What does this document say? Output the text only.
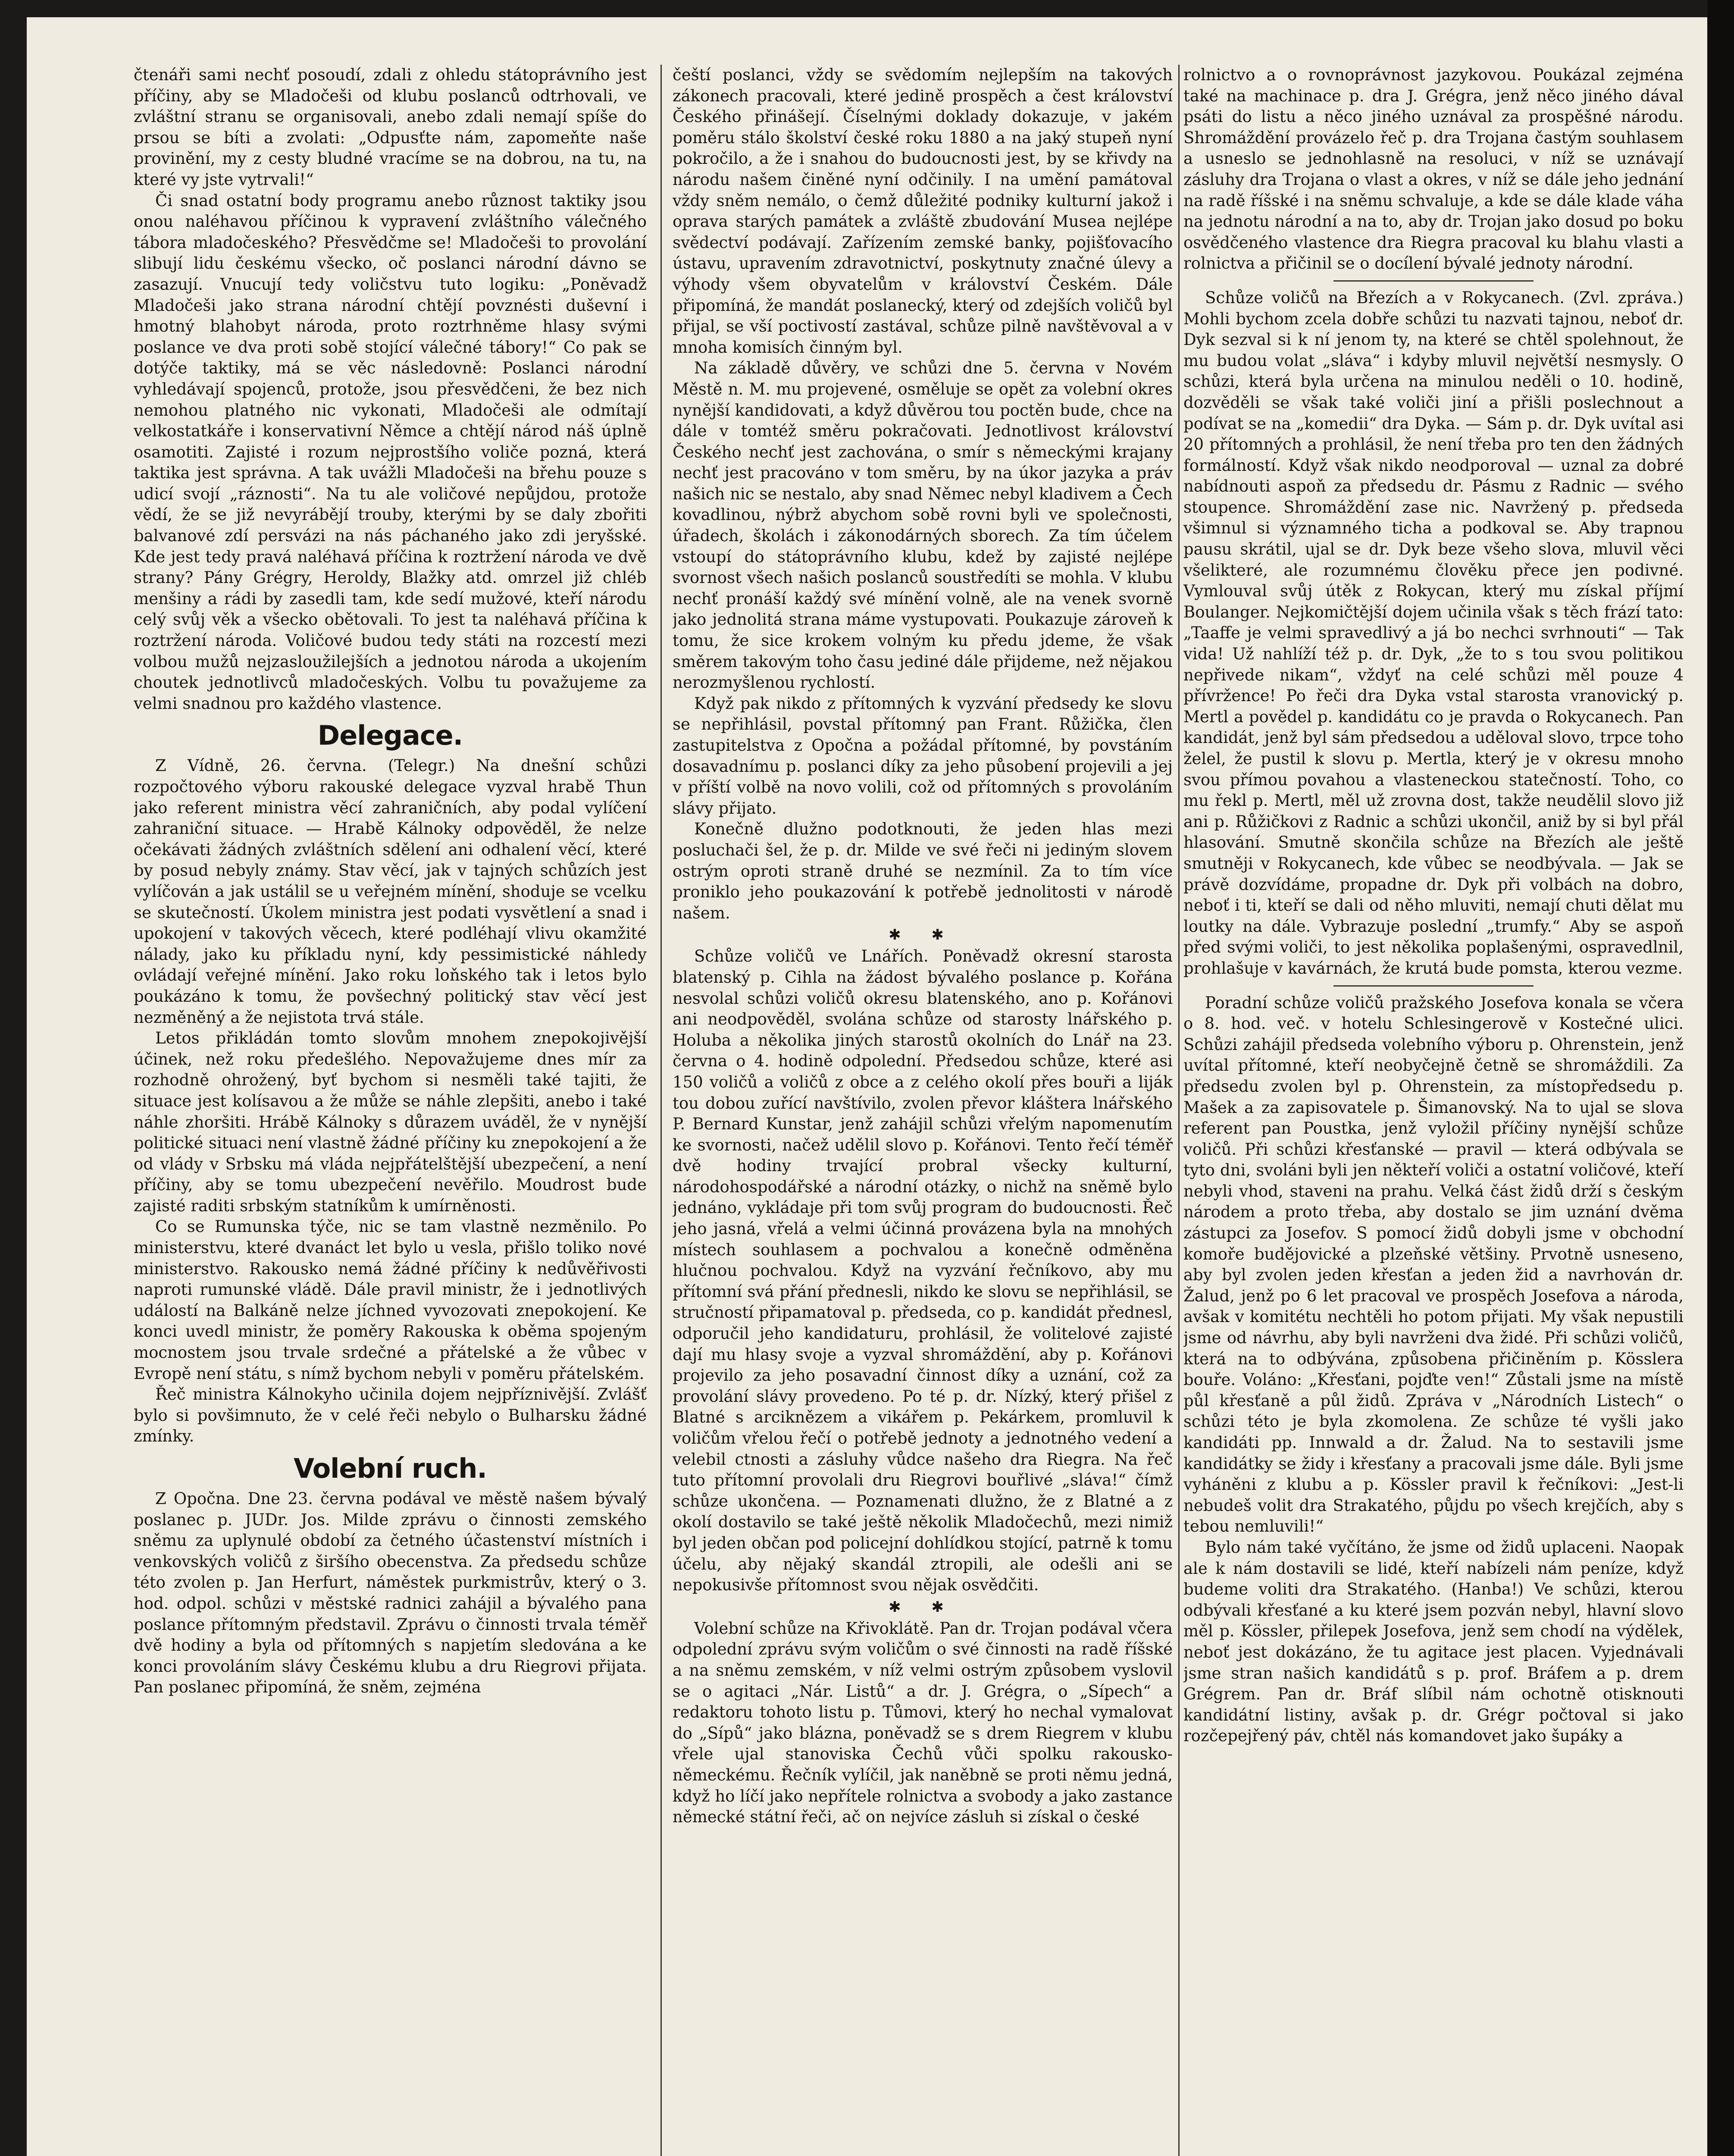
čtenáři sami nechť posoudí, zdali z ohledu státoprávního jest příčiny, aby se Mladočeši od klubu poslanců odtrhovali, ve zvláštní stranu se organisovali, anebo zdali nemají spíše do prsou se bíti a zvolati: „Odpusťte nám, zapomeňte naše provinění, my z cesty bludné vracíme se na dobrou, na tu, na které vy jste vytrvali!“

Či snad ostatní body programu anebo různost taktiky jsou onou naléhavou příčinou k vypravení zvláštního válečného tábora mladočeského? Přesvědčme se! Mladočeši to provolání slibují lidu českému všecko, oč poslanci národní dávno se zasazují. Vnucují tedy voličstvu tuto logiku: „Poněvadž Mladočeši jako strana národní chtějí povznésti duševní i hmotný blahobyt národa, proto roztrhněme hlasy svými poslance ve dva proti sobě stojící válečné tábory!“ Co pak se dotýče taktiky, má se věc následovně: Poslanci národní vyhledávají spojenců, protože, jsou přesvědčeni, že bez nich nemohou platného nic vykonati, Mladočeši ale odmítají velkostatkáře i konservativní Němce a chtějí národ náš úplně osamotiti. Zajisté i rozum nejprostšího voliče pozná, která taktika jest správna. A tak uvážli Mladočeši na břehu pouze s udicí svojí „ráznosti“. Na tu ale voličové nepůjdou, protože vědí, že se již nevyrábějí trouby, kterými by se daly zbořiti balvanové zdí persvázi na nás páchaného jako zdi jeryšské. Kde jest tedy pravá naléhavá příčina k roztržení národa ve dvě strany? Pány Grégry, Heroldy, Blažky atd. omrzel již chléb menšiny a rádi by zasedli tam, kde sedí mužové, kteří národu celý svůj věk a všecko obětovali. To jest ta naléhavá příčina k roztržení národa. Voličové budou tedy státi na rozcestí mezi volbou mužů nejzasloužilejších a jednotou národa a ukojením choutek jednotlivců mladočeských. Volbu tu považujeme za velmi snadnou pro každého vlastence.

Delegace.

Z Vídně, 26. června. (Telegr.) Na dnešní schůzi rozpočtového výboru rakouské delegace vyzval hrabě Thun jako referent ministra věcí zahraničních, aby podal vylíčení zahraniční situace. — Hrabě Kálnoky odpověděl, že nelze očekávati žádných zvláštních sdělení ani odhalení věcí, které by posud nebyly známy. Stav věcí, jak v tajných schůzích jest vylíčován a jak ustálil se u veřejném mínění, shoduje se vcelku se skutečností. Úkolem ministra jest podati vysvětlení a snad i upokojení v takových věcech, které podléhají vlivu okamžité nálady, jako ku příkladu nyní, kdy pessimistické náhledy ovládají veřejné mínění. Jako roku loňského tak i letos bylo poukázáno k tomu, že povšechný politický stav věcí jest nezměněný a že nejistota trvá stále.

Letos přikládán tomto slovům mnohem znepokojivější účinek, než roku předešlého. Nepovažujeme dnes mír za rozhodně ohrožený, byť bychom si nesměli také tajiti, že situace jest kolísavou a že může se náhle zlepšiti, anebo i také náhle zhoršiti. Hrábě Kálnoky s důrazem uváděl, že v nynější politické situaci není vlastně žádné příčiny ku znepokojení a že od vlády v Srbsku má vláda nejpřátelštější ubezpečení, a není příčiny, aby se tomu ubezpečení nevěřilo. Moudrost bude zajisté raditi srbským statníkům k umírněnosti.

Co se Rumunska týče, nic se tam vlastně nezměnilo. Po ministerstvu, které dvanáct let bylo u vesla, přišlo toliko nové ministerstvo. Rakousko nemá žádné příčiny k nedůvěřivosti naproti rumunské vládě. Dále pravil ministr, že i jednotlivých událostí na Balkáně nelze jíchned vyvozovati znepokojení. Ke konci uvedl ministr, že poměry Rakouska k oběma spojeným mocnostem jsou trvale srdečné a přátelské a že vůbec v Evropě není státu, s nímž bychom nebyli v poměru přátelském.

Řeč ministra Kálnokyho učinila dojem nejpříznivější. Zvlášť bylo si povšimnuto, že v celé řeči nebylo o Bulharsku žádné zmínky.

Volební ruch.

Z Opočna. Dne 23. června podával ve městě našem bývalý poslanec p. JUDr. Jos. Milde zprávu o činnosti zemského sněmu za uplynulé období za četného účastenství místních i venkovských voličů z širšího obecenstva. Za předsedu schůze této zvolen p. Jan Herfurt, náměstek purkmistrův, který o 3. hod. odpol. schůzi v městské radnici zahájil a bývalého pana poslance přítomným představil. Zprávu o činnosti trvala téměř dvě hodiny a byla od přítomných s napjetím sledována a ke konci provoláním slávy Českému klubu a dru Riegrovi přijata. Pan poslanec připomíná, že sněm, zejména

čeští poslanci, vždy se svědomím nejlepším na takových zákonech pracovali, které jedině prospěch a čest království Českého přinášejí. Číselnými doklady dokazuje, v jakém poměru stálo školství české roku 1880 a na jaký stupeň nyní pokročilo, a že i snahou do budoucnosti jest, by se křivdy na národu našem činěné nyní odčinily. I na umění památoval vždy sněm nemálo, o čemž důležité podniky kulturní jakož i oprava starých památek a zvláště zbudování Musea nejlépe svědectví podávají. Zařízením zemské banky, pojišťovacího ústavu, upravením zdravotnictví, poskytnuty značné úlevy a výhody všem obyvatelům v království Českém. Dále připomíná, že mandát poslanecký, který od zdejších voličů byl přijal, se vší poctivostí zastával, schůze pilně navštěvoval a v mnoha komisích činným byl.

Na základě důvěry, ve schůzi dne 5. června v Novém Městě n. M. mu projevené, osměluje se opět za volební okres nynější kandidovati, a když důvěrou tou poctěn bude, chce na dále v tomtéž směru pokračovati. Jednotlivost království Českého nechť jest zachována, o smír s německými krajany nechť jest pracováno v tom směru, by na úkor jazyka a práv našich nic se nestalo, aby snad Němec nebyl kladivem a Čech kovadlinou, nýbrž abychom sobě rovni byli ve společnosti, úřadech, školách i zákonodárných sborech. Za tím účelem vstoupí do státoprávního klubu, kdež by zajisté nejlépe svornost všech našich poslanců soustředíti se mohla. V klubu nechť pronáší každý své mínění volně, ale na venek svorně jako jednolitá strana máme vystupovati. Poukazuje zároveň k tomu, že sice krokem volným ku předu jdeme, že však směrem takovým toho času jediné dále přijdeme, než nějakou nerozmyšlenou rychlostí.

Když pak nikdo z přítomných k vyzvání předsedy ke slovu se nepřihlásil, povstal přítomný pan Frant. Růžička, člen zastupitelstva z Opočna a požádal přítomné, by povstáním dosavadnímu p. poslanci díky za jeho působení projevili a jej v příští volbě na novo volili, což od přítomných s provoláním slávy přijato.

Konečně dlužno podotknouti, že jeden hlas mezi posluchači šel, že p. dr. Milde ve své řeči ni jediným slovem ostrým oproti straně druhé se nezmínil. Za to tím více proniklo jeho poukazování k potřebě jednolitosti v národě našem.

✱ ✱

Schůze voličů ve Lnářích. Poněvadž okresní starosta blatenský p. Cihla na žádost bývalého poslance p. Kořána nesvolal schůzi voličů okresu blatenského, ano p. Kořánovi ani neodpověděl, svolána schůze od starosty lnářského p. Holuba a několika jiných starostů okolních do Lnář na 23. června o 4. hodině odpolední. Předsedou schůze, které asi 150 voličů a voličů z obce a z celého okolí přes bouři a liják tou dobou zuřící navštívilo, zvolen převor kláštera lnářského P. Bernard Kunstar, jenž zahájil schůzi vřelým napomenutím ke svornosti, načež udělil slovo p. Kořánovi. Tento řečí téměř dvě hodiny trvající probral všecky kulturní, národohospodářské a národní otázky, o nichž na sněmě bylo jednáno, vykládaje při tom svůj program do budoucnosti. Řeč jeho jasná, vřelá a velmi účinná provázena byla na mnohých místech souhlasem a pochvalou a konečně odměněna hlučnou pochvalou. Když na vyzvání řečníkovo, aby mu přítomní svá přání přednesli, nikdo ke slovu se nepřihlásil, se stručností připamatoval p. předseda, co p. kandidát přednesl, odporučil jeho kandidaturu, prohlásil, že volitelové zajisté dají mu hlasy svoje a vyzval shromáždění, aby p. Kořánovi projevilo za jeho posavadní činnost díky a uznání, což za provolání slávy provedeno. Po té p. dr. Nízký, který přišel z Blatné s arciknězem a vikářem p. Pekárkem, promluvil k voličům vřelou řečí o potřebě jednoty a jednotného vedení a velebil ctnosti a zásluhy vůdce našeho dra Riegra. Na řeč tuto přítomní provolali dru Riegrovi bouřlivé „sláva!“ čímž schůze ukončena. — Poznamenati dlužno, že z Blatné a z okolí dostavilo se také ještě několik Mladočechů, mezi nimiž byl jeden občan pod policejní dohlídkou stojící, patrně k tomu účelu, aby nějaký skandál ztropili, ale odešli ani se nepokusivše přítomnost svou nějak osvědčiti.

✱ ✱

Volební schůze na Křivoklátě. Pan dr. Trojan podával včera odpolední zprávu svým voličům o své činnosti na radě říšské a na sněmu zemském, v níž velmi ostrým způsobem vyslovil se o agitaci „Nár. Listů“ a dr. J. Grégra, o „Sípech“ a redaktoru tohoto listu p. Tůmovi, který ho nechal vymalovat do „Sípů“ jako blázna, poněvadž se s drem Riegrem v klubu vřele ujal stanoviska Čechů vůči spolku rakousko-německému. Řečník vylíčil, jak naněbně se proti němu jedná, když ho líčí jako nepřítele rolnictva a svobody a jako zastance německé státní řeči, ač on nejvíce zásluh si získal o české

rolnictvo a o rovnoprávnost jazykovou. Poukázal zejména také na machinace p. dra J. Grégra, jenž něco jiného dával psáti do listu a něco jiného uznával za prospěšné národu. Shromáždění provázelo řeč p. dra Trojana častým souhlasem a usneslo se jednohlasně na resoluci, v níž se uznávají zásluhy dra Trojana o vlast a okres, v níž se dále jeho jednání na radě říšské i na sněmu schvaluje, a kde se dále klade váha na jednotu národní a na to, aby dr. Trojan jako dosud po boku osvědčeného vlastence dra Riegra pracoval ku blahu vlasti a rolnictva a přičinil se o docílení bývalé jednoty národní.

Schůze voličů na Březích a v Rokycanech. (Zvl. zpráva.) Mohli bychom zcela dobře schůzi tu nazvati tajnou, neboť dr. Dyk sezval si k ní jenom ty, na které se chtěl spolehnout, že mu budou volat „sláva“ i kdyby mluvil největší nesmysly. O schůzi, která byla určena na minulou neděli o 10. hodině, dozvěděli se však také voliči jiní a přišli poslechnout a podívat se na „komedii“ dra Dyka. — Sám p. dr. Dyk uvítal asi 20 přítomných a prohlásil, že není třeba pro ten den žádných formálností. Když však nikdo neodporoval — uznal za dobré nabídnouti aspoň za předsedu dr. Pásmu z Radnic — svého stoupence. Shromáždění zase nic. Navržený p. předseda všimnul si významného ticha a podkoval se. Aby trapnou pausu skrátil, ujal se dr. Dyk beze všeho slova, mluvil věci všelikteré, ale rozumnému člověku přece jen podivné. Vymlouval svůj útěk z Rokycan, který mu získal příjmí Boulanger. Nejkomičtější dojem učinila však s těch frází tato: „Taaffe je velmi spravedlivý a já bo nechci svrhnouti“ — Tak vida! Už nahlíží též p. dr. Dyk, „že to s tou svou politikou nepřivede nikam“, vždyť na celé schůzi měl pouze 4 přívržence! Po řeči dra Dyka vstal starosta vranovický p. Mertl a povědel p. kandidátu co je pravda o Rokycanech. Pan kandidát, jenž byl sám předsedou a uděloval slovo, trpce toho želel, že pustil k slovu p. Mertla, který je v okresu mnoho svou přímou povahou a vlasteneckou statečností. Toho, co mu řekl p. Mertl, měl už zrovna dost, takže neudělil slovo již ani p. Růžičkovi z Radnic a schůzi ukončil, aniž by si byl přál hlasování. Smutně skončila schůze na Březích ale ještě smutněji v Rokycanech, kde vůbec se neodbývala. — Jak se právě dozvídáme, propadne dr. Dyk při volbách na dobro, neboť i ti, kteří se dali od něho mluviti, nemají chuti dělat mu loutky na dále. Vybrazuje poslední „trumfy.“ Aby se aspoň před svými voliči, to jest několika poplašenými, ospravedlnil, prohlašuje v kavárnách, že krutá bude pomsta, kterou vezme.

Poradní schůze voličů pražského Josefova konala se včera o 8. hod. več. v hotelu Schlesingerově v Kostečné ulici. Schůzi zahájil předseda volebního výboru p. Ohrenstein, jenž uvítal přítomné, kteří neobyčejně četně se shromáždili. Za předsedu zvolen byl p. Ohrenstein, za místopředsedu p. Mašek a za zapisovatele p. Šimanovský. Na to ujal se slova referent pan Poustka, jenž vyložil příčiny nynější schůze voličů. Při schůzi křesťanské — pravil — která odbývala se tyto dni, svoláni byli jen někteří voliči a ostatní voličové, kteří nebyli vhod, staveni na prahu. Velká část židů drží s českým národem a proto třeba, aby dostalo se jim uznání dvěma zástupci za Josefov. S pomocí židů dobyli jsme v obchodní komoře budějovické a plzeňské většiny. Prvotně usneseno, aby byl zvolen jeden křesťan a jeden žid a navrhován dr. Žalud, jenž po 6 let pracoval ve prospěch Josefova a národa, avšak v komitétu nechtěli ho potom přijati. My však nepustili jsme od návrhu, aby byli navrženi dva židé. Při schůzi voličů, která na to odbývána, způsobena přičiněním p. Kösslera bouře. Voláno: „Křesťani, pojďte ven!“ Zůstali jsme na místě půl křesťaně a půl židů. Zpráva v „Národních Listech“ o schůzi této je byla zkomolena. Ze schůze té vyšli jako kandidáti pp. Innwald a dr. Žalud. Na to sestavili jsme kandidátky se židy i křesťany a pracovali jsme dále. Byli jsme vyháněni z klubu a p. Kössler pravil k řečníkovi: „Jest-li nebudeš volit dra Strakatého, půjdu po všech krejčích, aby s tebou nemluvili!“

Bylo nám také vyčítáno, že jsme od židů uplaceni. Naopak ale k nám dostavili se lidé, kteří nabízeli nám peníze, když budeme voliti dra Strakatého. (Hanba!) Ve schůzi, kterou odbývali křesťané a ku které jsem pozván nebyl, hlavní slovo měl p. Kössler, přilepek Josefova, jenž sem chodí na výdělek, neboť jest dokázáno, že tu agitace jest placen. Vyjednávali jsme stran našich kandidátů s p. prof. Bráfem a p. drem Grégrem. Pan dr. Bráf slíbil nám ochotně otisknouti kandidátní listiny, avšak p. dr. Grégr počtoval si jako rozčepejřený páv, chtěl nás komandovet jako šupáky a
